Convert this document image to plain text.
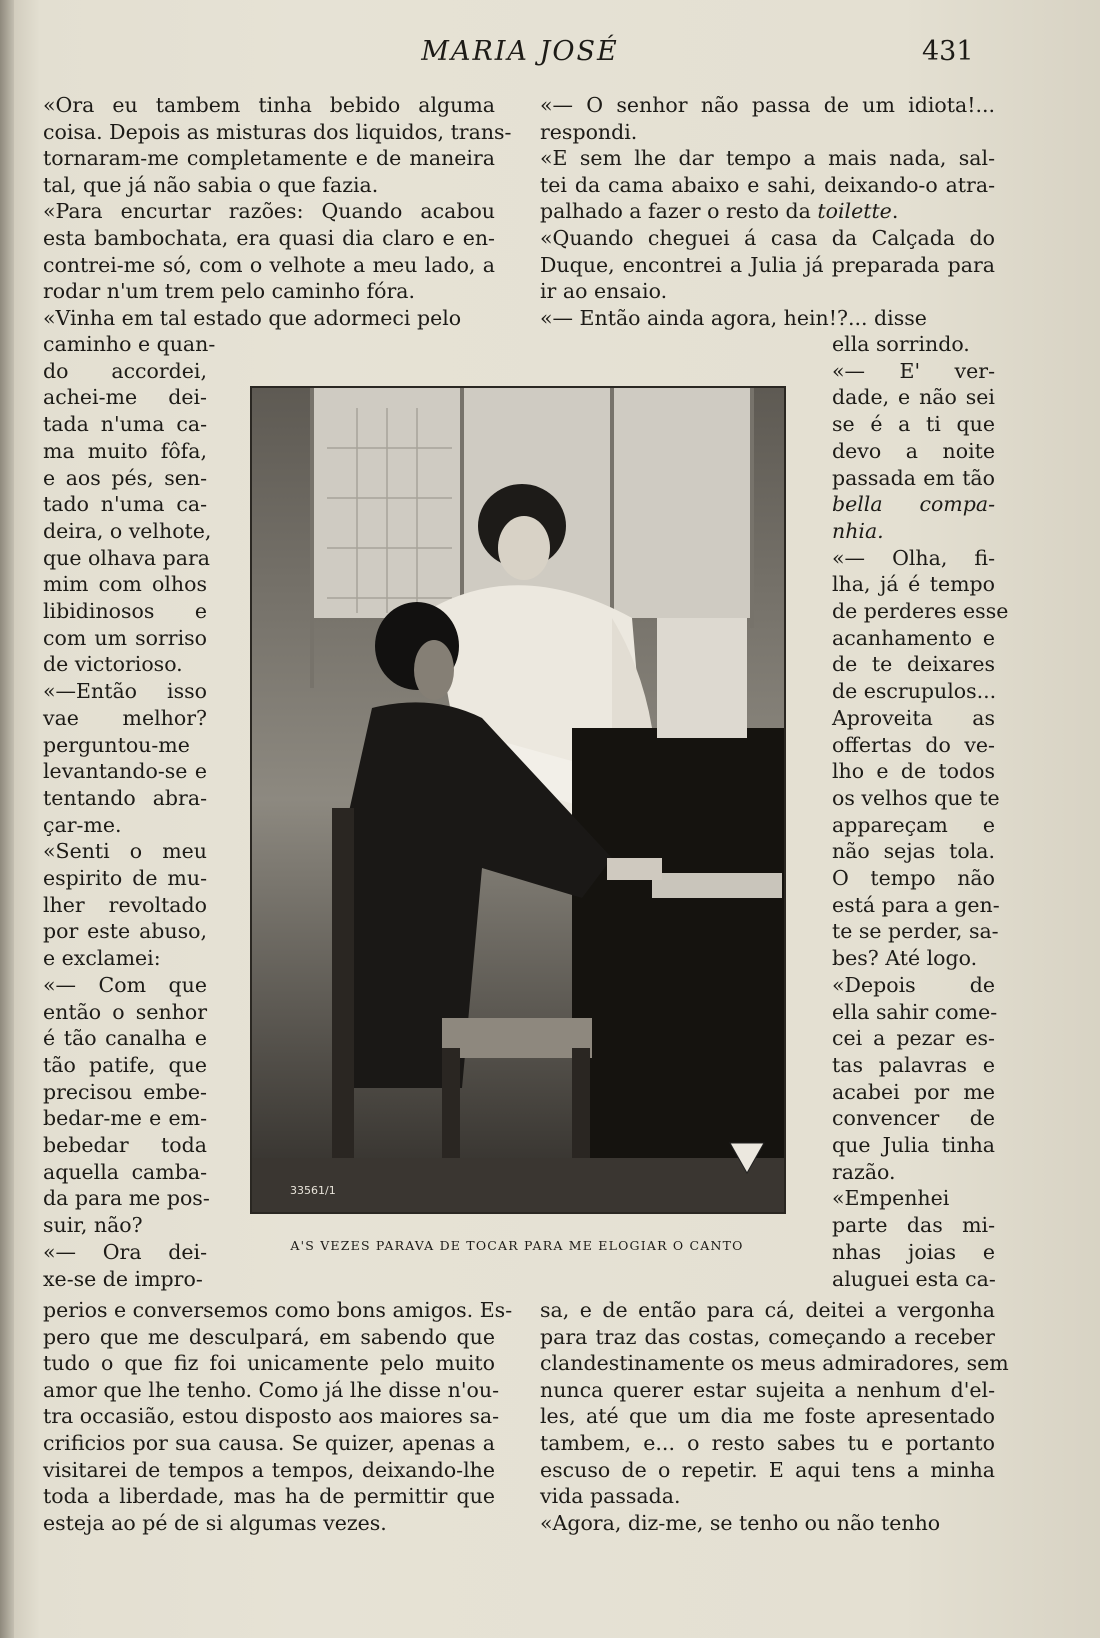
MARIA JOSÉ	431
«Ora eu tambem tinha bebido alguma
coisa. Depois as misturas dos liquidos, trans-
tornaram-me completamente e de maneira
tal, que já não sabia o que fazia.
«Para encurtar razões: Quando acabou
esta bambochata, era quasi dia claro e en-
contrei-me só, com o velhote a meu lado, a
rodar n'um trem pelo caminho fóra.
«Vinha em tal estado que adormeci pelo
caminho e quan-
do accordei,
achei-me dei-
tada n'uma ca-
ma muito fôfa,
e aos pés, sen-
tado n'uma ca-
deira, o velhote,
que olhava para
mim com olhos
libidinosos e
com um sorriso
de victorioso.
«—Então isso
vae melhor?
perguntou-me
levantando-se e
tentando abra-
çar-me.
«Senti o meu
espirito de mu-
lher revoltado
por este abuso,
e exclamei:
«— Com que
então o senhor
é tão canalha e
tão patife, que
precisou embe-
bedar-me e em-
bebedar toda
aquella camba-
da para me pos-
suir, não?
«— Ora dei-
xe-se de impro-
perios e conversemos como bons amigos. Es-
pero que me desculpará, em sabendo que
tudo o que fiz foi unicamente pelo muito
amor que lhe tenho. Como já lhe disse n'ou-
tra occasião, estou disposto aos maiores sa-
crificios por sua causa. Se quizer, apenas a
visitarei de tempos a tempos, deixando-lhe
toda a liberdade, mas ha de permittir que
esteja ao pé de si algumas vezes.
«— O senhor não passa de um idiota!...
respondi.
«E sem lhe dar tempo a mais nada, sal-
tei da cama abaixo e sahi, deixando-o atra-
palhado a fazer o resto da toilette.
«Quando cheguei á casa da Calçada do
Duque, encontrei a Julia já preparada para
ir ao ensaio.
«— Então ainda agora, hein!?... disse
ella sorrindo.
«— E' ver-
dade, e não sei
se é a ti que
devo a noite
passada em tão
bella compa-
nhia.
«— Olha, fi-
lha, já é tempo
de perderes esse
acanhamento e
de te deixares
de escrupulos...
Aproveita as
offertas do ve-
lho e de todos
os velhos que te
appareçam e
não sejas tola.
O tempo não
está para a gen-
te se perder, sa-
bes? Até logo.
«Depois de
ella sahir come-
cei a pezar es-
tas palavras e
acabei por me
convencer de
que Julia tinha
razão.
«Empenhei
parte das mi-
nhas joias e
aluguei esta ca-
sa, e de então para cá, deitei a vergonha
para traz das costas, começando a receber
clandestinamente os meus admiradores, sem
nunca querer estar sujeita a nenhum d'el-
les, até que um dia me foste apresentado
tambem, e... o resto sabes tu e portanto
escuso de o repetir. E aqui tens a minha
vida passada.
«Agora, diz-me, se tenho ou não tenho
33561/1
A'S VEZES PARAVA DE TOCAR PARA ME ELOGIAR O CANTO
